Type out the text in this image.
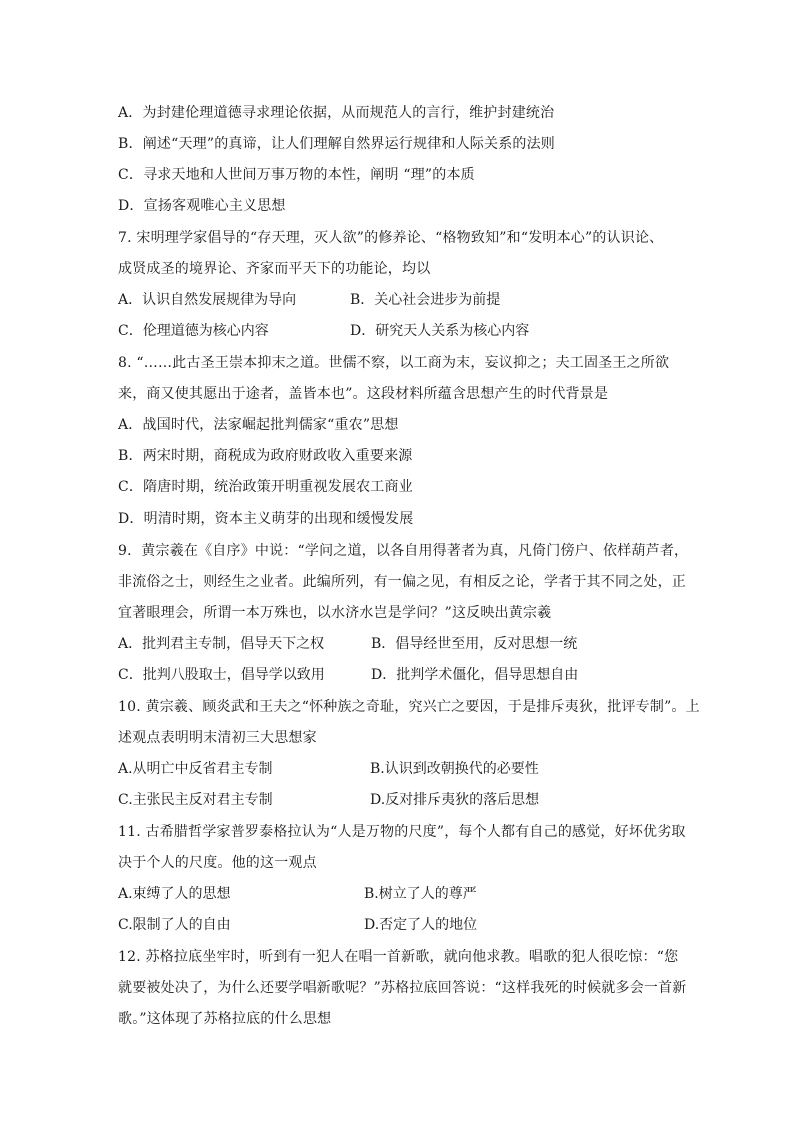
A．为封建伦理道德寻求理论依据，从而规范人的言行，维护封建统治
B．阐述“天理”的真谛，让人们理解自然界运行规律和人际关系的法则
C．寻求天地和人世间万事万物的本性，阐明 “理”的本质
D．宣扬客观唯心主义思想
7. 宋明理学家倡导的“存天理，灭人欲”的修养论、“格物致知”和“发明本心”的认识论、
成贤成圣的境界论、齐家而平天下的功能论，均以
A．认识自然发展规律为导向	B．关心社会进步为前提
C．伦理道德为核心内容	D．研究天人关系为核心内容
8. “……此古圣王崇本抑末之道。世儒不察，以工商为末，妄议抑之；夫工固圣王之所欲
来，商又使其愿出于途者，盖皆本也”。这段材料所蕴含思想产生的时代背景是
A．战国时代，法家崛起批判儒家“重农”思想
B．两宋时期，商税成为政府财政收入重要来源
C．隋唐时期，统治政策开明重视发展农工商业
D．明清时期，资本主义萌芽的出现和缓慢发展
9．黄宗羲在《自序》中说：“学问之道，以各自用得著者为真，凡倚门傍户、依样葫芦者，
非流俗之士，则经生之业者。此编所列，有一偏之见，有相反之论，学者于其不同之处，正
宜著眼理会，所谓一本万殊也，以水济水岂是学问？”这反映出黄宗羲
A．批判君主专制，倡导天下之权	B．倡导经世至用，反对思想一统
C．批判八股取士，倡导学以致用	D．批判学术僵化，倡导思想自由
10. 黄宗羲、顾炎武和王夫之“怀种族之奇耻，究兴亡之要因，于是排斥夷狄，批评专制”。上
述观点表明明末清初三大思想家
A.从明亡中反省君主专制	B.认识到改朝换代的必要性
C.主张民主反对君主专制	D.反对排斥夷狄的落后思想
11. 古希腊哲学家普罗泰格拉认为“人是万物的尺度”，每个人都有自己的感觉，好坏优劣取
决于个人的尺度。他的这一观点
A.束缚了人的思想	B.树立了人的尊严
C.限制了人的自由	D.否定了人的地位
12. 苏格拉底坐牢时，听到有一犯人在唱一首新歌，就向他求教。唱歌的犯人很吃惊：“您
就要被处决了，为什么还要学唱新歌呢？”苏格拉底回答说：“这样我死的时候就多会一首新
歌。”这体现了苏格拉底的什么思想
